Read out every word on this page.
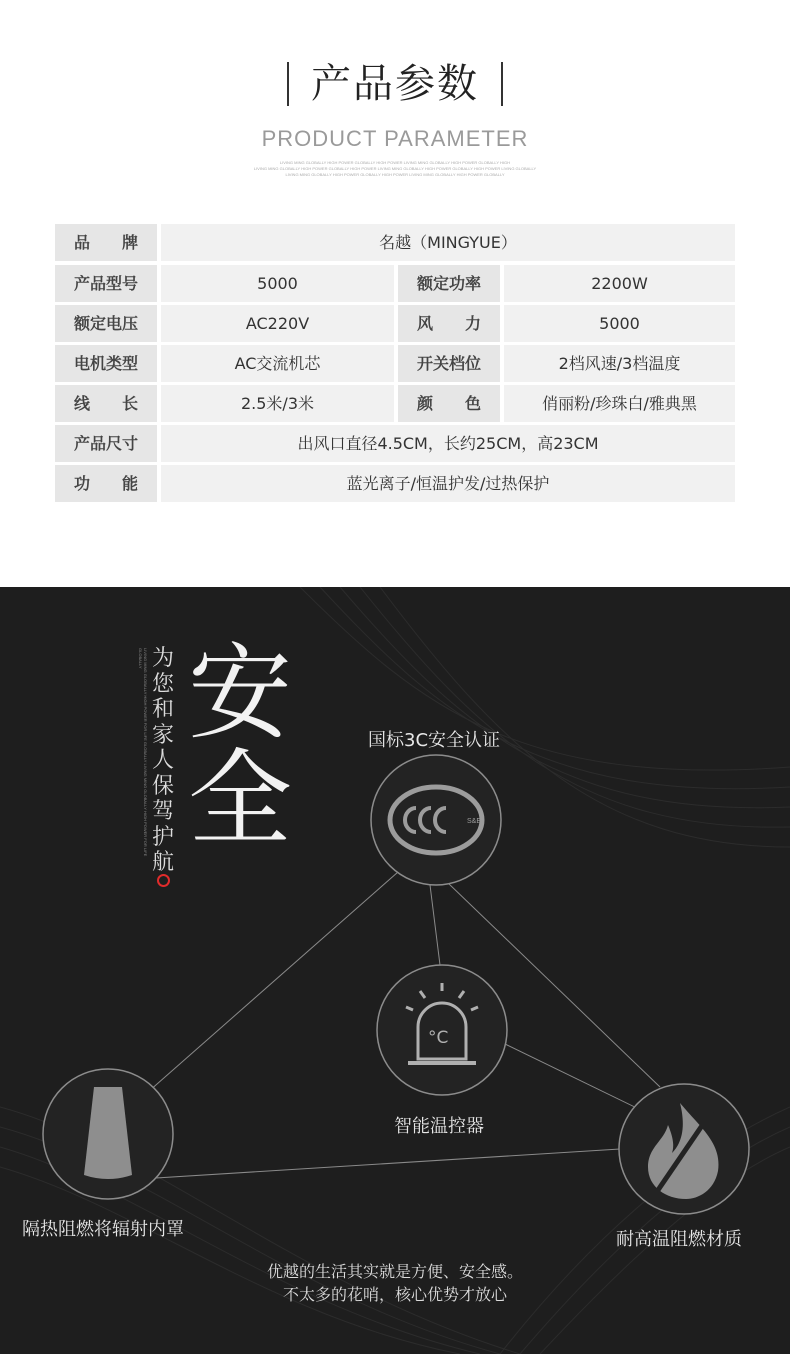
产品参数
PRODUCT PARAMETER
LIVING MING GLOBALLY HIGH POWER GLOBALLY HIGH POWER LIVING MING GLOBALLY HIGH POWER GLOBALLY HIGH
LIVING MING GLOBALLY HIGH POWER GLOBALLY HIGH POWER LIVING MING GLOBALLY HIGH POWER GLOBALLY HIGH POWER LIVING GLOBALLY
LIVING MING GLOBALLY HIGH POWER GLOBALLY HIGH POWER LIVING MING GLOBALLY HIGH POWER GLOBALLY
品　　牌	名越（MINGYUE）
产品型号	5000	额定功率	2200W
额定电压	AC220V	风　　力	5000
电机类型	AC交流机芯	开关档位	2档风速/3档温度
线　　长	2.5米/3米	颜　　色	俏丽粉/珍珠白/雅典黑
产品尺寸	出风口直径4.5CM，长约25CM，高23CM
功　　能	蓝光离子/恒温护发/过热保护
S&E
°C
LIVING MING GLOBALLY HIGH POWER FOR LIFE GLOBALLY LIVING MING GLOBALLY HIGH POWER FOR LIFE GLOBALLY 为
您
和
家
人
保
驾
护
航
安全	国标3C安全认证
智能温控器
隔热阻燃将辐射内罩	耐高温阻燃材质
优越的生活其实就是方便、安全感。
不太多的花哨，核心优势才放心
